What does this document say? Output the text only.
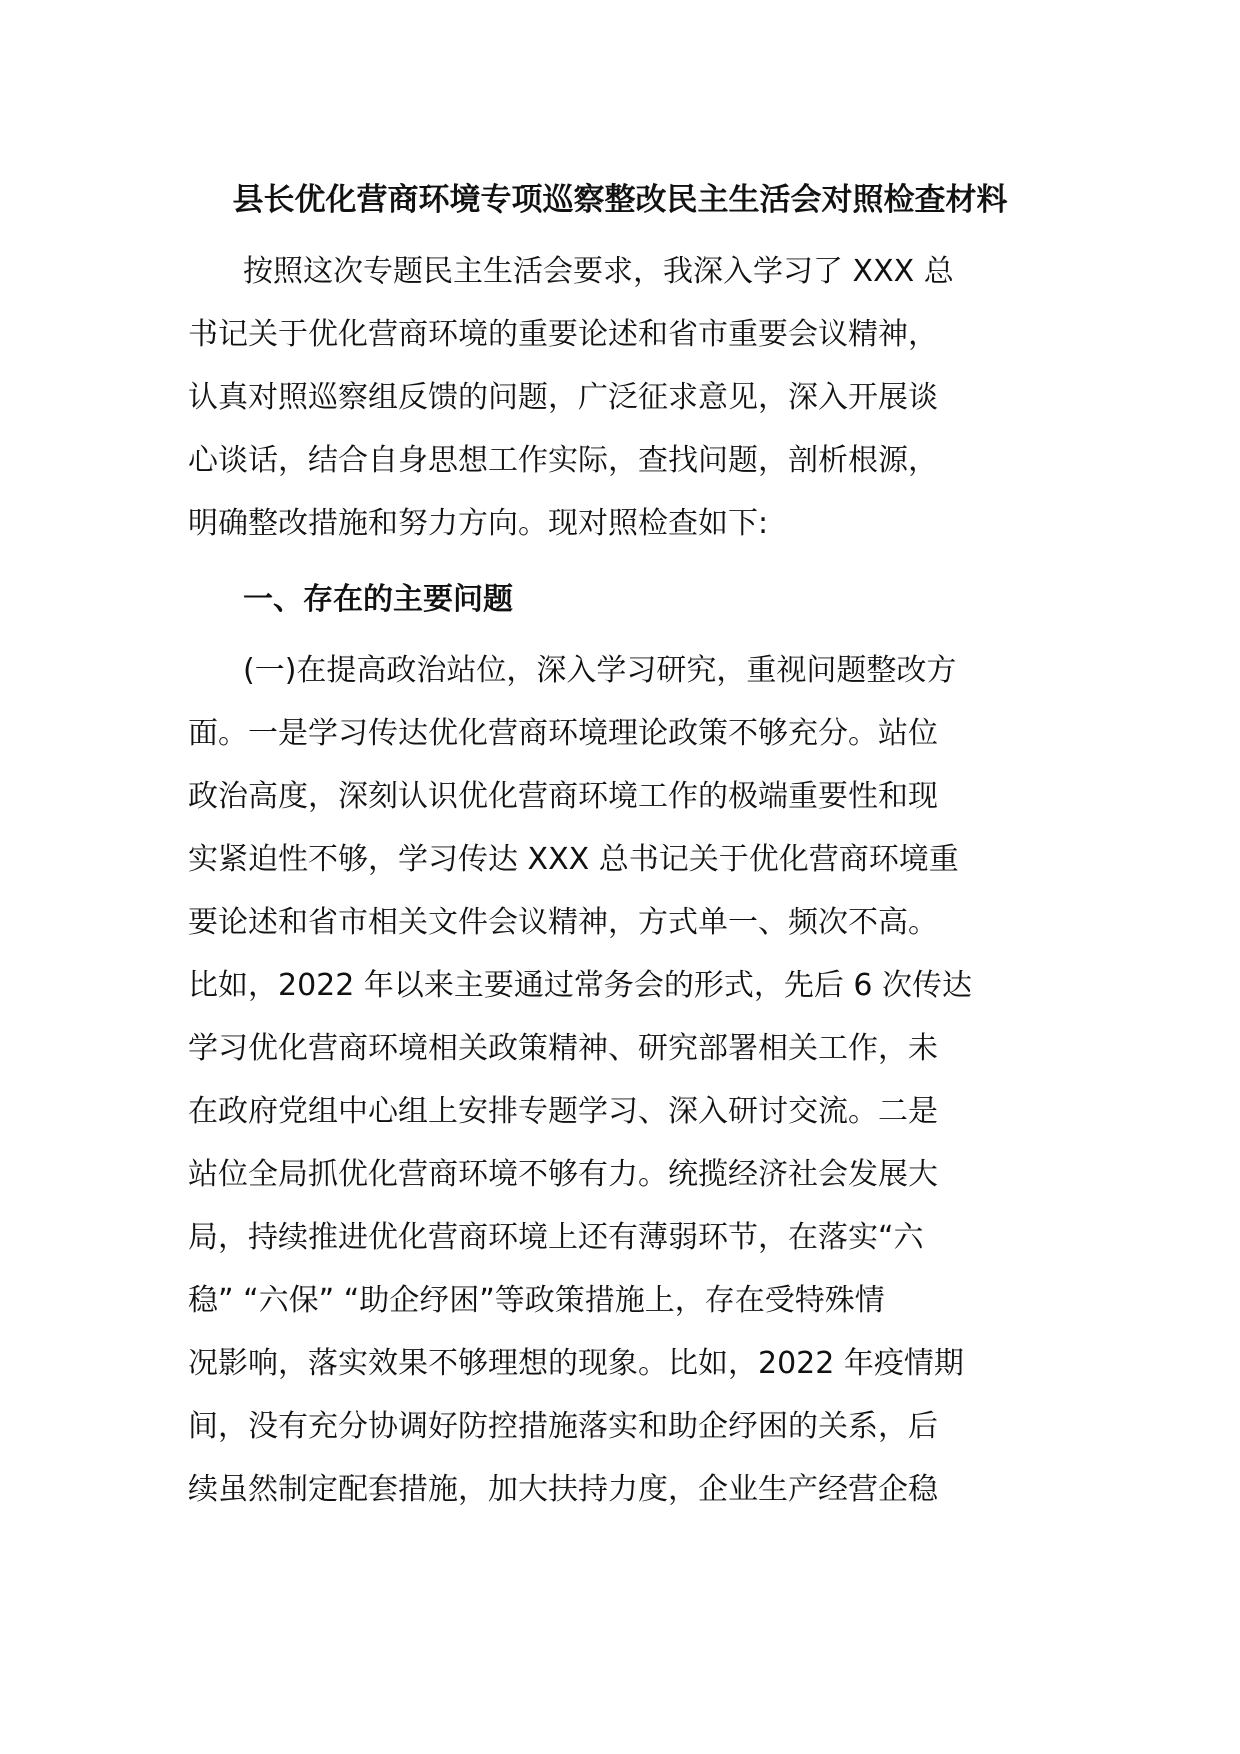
县长优化营商环境专项巡察整改民主生活会对照检查材料
按照这次专题民主生活会要求，我深入学习了 XXX 总
书记关于优化营商环境的重要论述和省市重要会议精神，
认真对照巡察组反馈的问题，广泛征求意见，深入开展谈
心谈话，结合自身思想工作实际，查找问题，剖析根源，
明确整改措施和努力方向。现对照检查如下:
一、存在的主要问题
(一)在提高政治站位，深入学习研究，重视问题整改方
面。一是学习传达优化营商环境理论政策不够充分。站位
政治高度，深刻认识优化营商环境工作的极端重要性和现
实紧迫性不够，学习传达 XXX 总书记关于优化营商环境重
要论述和省市相关文件会议精神，方式单一、频次不高。
比如，2022 年以来主要通过常务会的形式，先后 6 次传达
学习优化营商环境相关政策精神、研究部署相关工作，未
在政府党组中心组上安排专题学习、深入研讨交流。二是
站位全局抓优化营商环境不够有力。统揽经济社会发展大
局，持续推进优化营商环境上还有薄弱环节，在落实“六
稳” “六保” “助企纾困”等政策措施上，存在受特殊情
况影响，落实效果不够理想的现象。比如，2022 年疫情期
间，没有充分协调好防控措施落实和助企纾困的关系，后
续虽然制定配套措施，加大扶持力度，企业生产经营企稳
